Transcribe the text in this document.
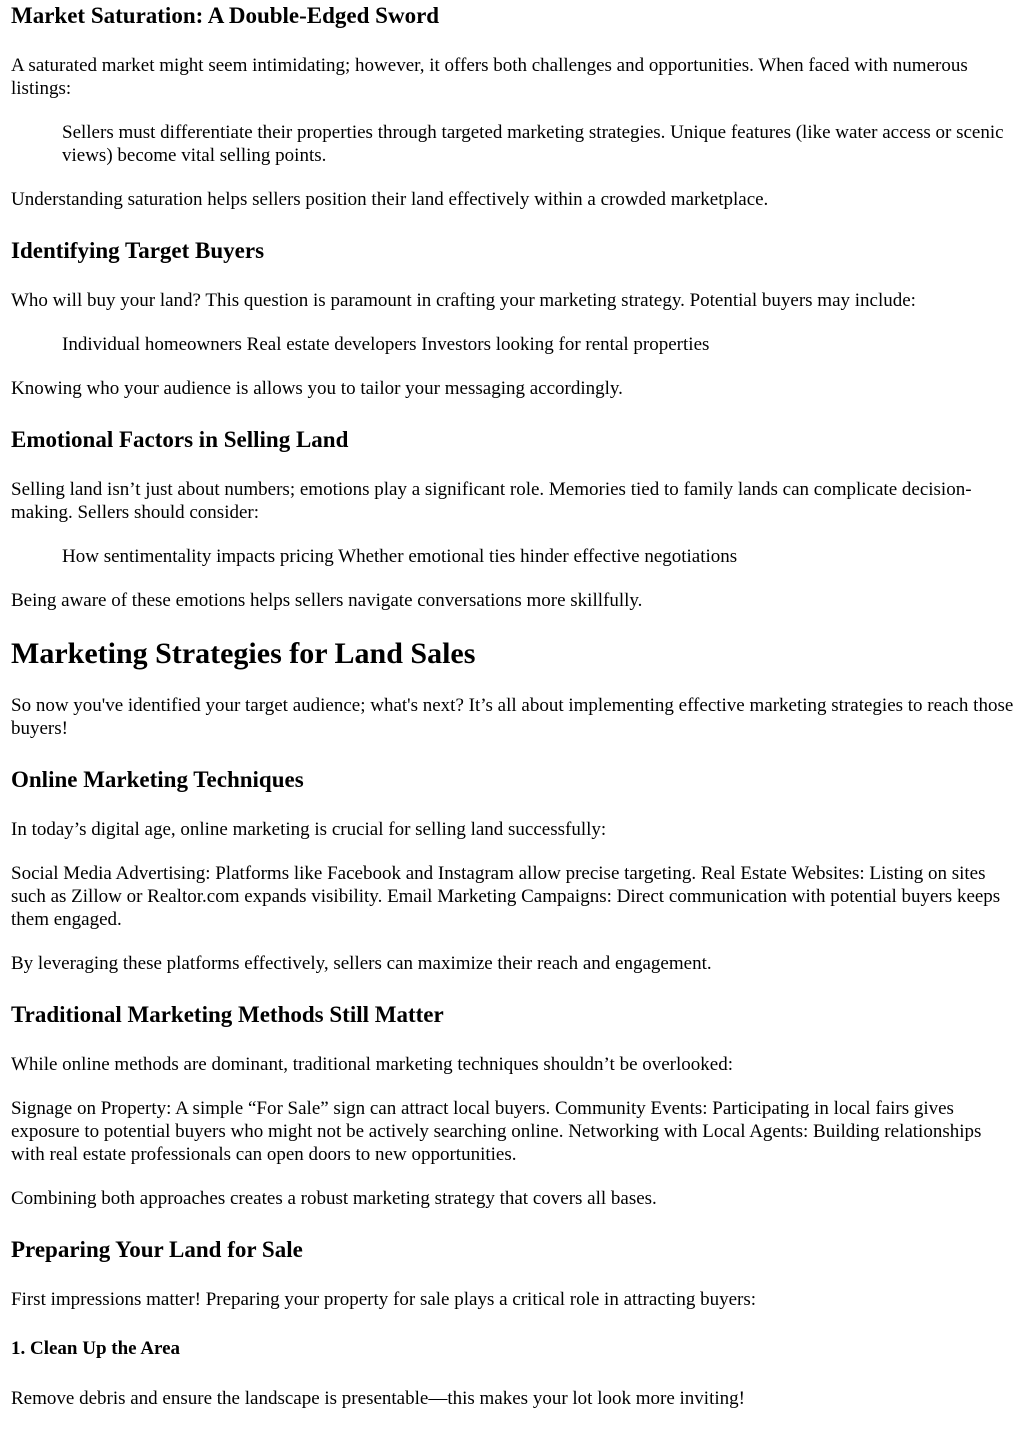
Market Saturation: A Double-Edged Sword

A saturated market might seem intimidating; however, it offers both challenges and opportunities. When faced with numerous listings:

Sellers must differentiate their properties through targeted marketing strategies. Unique features (like water access or scenic views) become vital selling points.

Understanding saturation helps sellers position their land effectively within a crowded marketplace.

Identifying Target Buyers

Who will buy your land? This question is paramount in crafting your marketing strategy. Potential buyers may include:

Individual homeowners Real estate developers Investors looking for rental properties

Knowing who your audience is allows you to tailor your messaging accordingly.

Emotional Factors in Selling Land

Selling land isn’t just about numbers; emotions play a significant role. Memories tied to family lands can complicate decision-making. Sellers should consider:

How sentimentality impacts pricing Whether emotional ties hinder effective negotiations

Being aware of these emotions helps sellers navigate conversations more skillfully.

Marketing Strategies for Land Sales

So now you've identified your target audience; what's next? It’s all about implementing effective marketing strategies to reach those buyers!

Online Marketing Techniques

In today’s digital age, online marketing is crucial for selling land successfully:

Social Media Advertising: Platforms like Facebook and Instagram allow precise targeting. Real Estate Websites: Listing on sites such as Zillow or Realtor.com expands visibility. Email Marketing Campaigns: Direct communication with potential buyers keeps them engaged.

By leveraging these platforms effectively, sellers can maximize their reach and engagement.

Traditional Marketing Methods Still Matter

While online methods are dominant, traditional marketing techniques shouldn’t be overlooked:

Signage on Property: A simple “For Sale” sign can attract local buyers. Community Events: Participating in local fairs gives exposure to potential buyers who might not be actively searching online. Networking with Local Agents: Building relationships with real estate professionals can open doors to new opportunities.

Combining both approaches creates a robust marketing strategy that covers all bases.

Preparing Your Land for Sale

First impressions matter! Preparing your property for sale plays a critical role in attracting buyers:

1. Clean Up the Area

Remove debris and ensure the landscape is presentable—this makes your lot look more inviting!
